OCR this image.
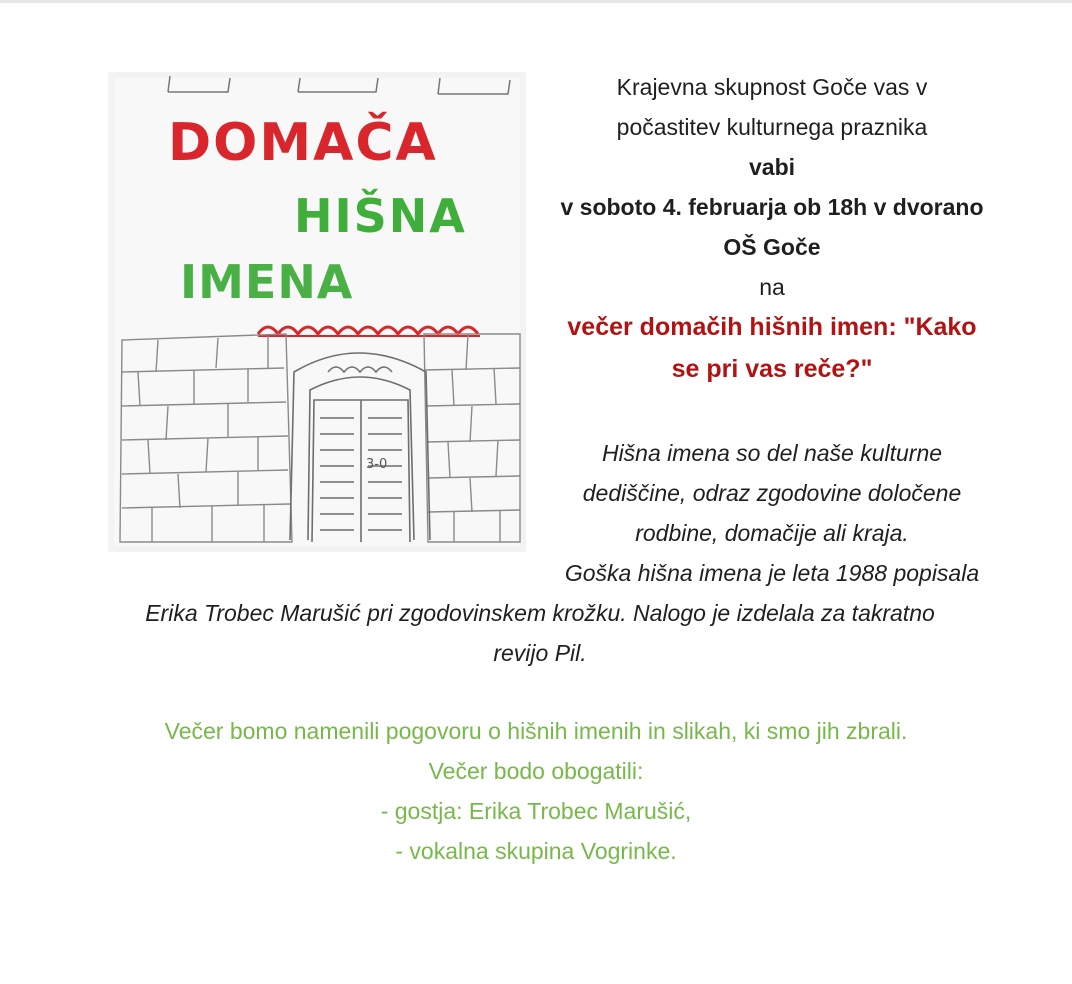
DOMAČA
HIŠNA
IMENA
3-0
Krajevna skupnost Goče vas v
počastitev kulturnega praznika
vabi
v soboto 4. februarja ob 18h v dvorano
OŠ Goče
na
večer domačih hišnih imen: "Kako
se pri vas reče?"
Hišna imena so del naše kulturne
dediščine, odraz zgodovine določene
rodbine, domačije ali kraja.
Goška hišna imena je leta 1988 popisala
Erika Trobec Marušić pri zgodovinskem krožku. Nalogo je izdelala za takratno
revijo Pil.
Večer bomo namenili pogovoru o hišnih imenih in slikah, ki smo jih zbrali.
Večer bodo obogatili:
- gostja: Erika Trobec Marušić,
- vokalna skupina Vogrinke.
